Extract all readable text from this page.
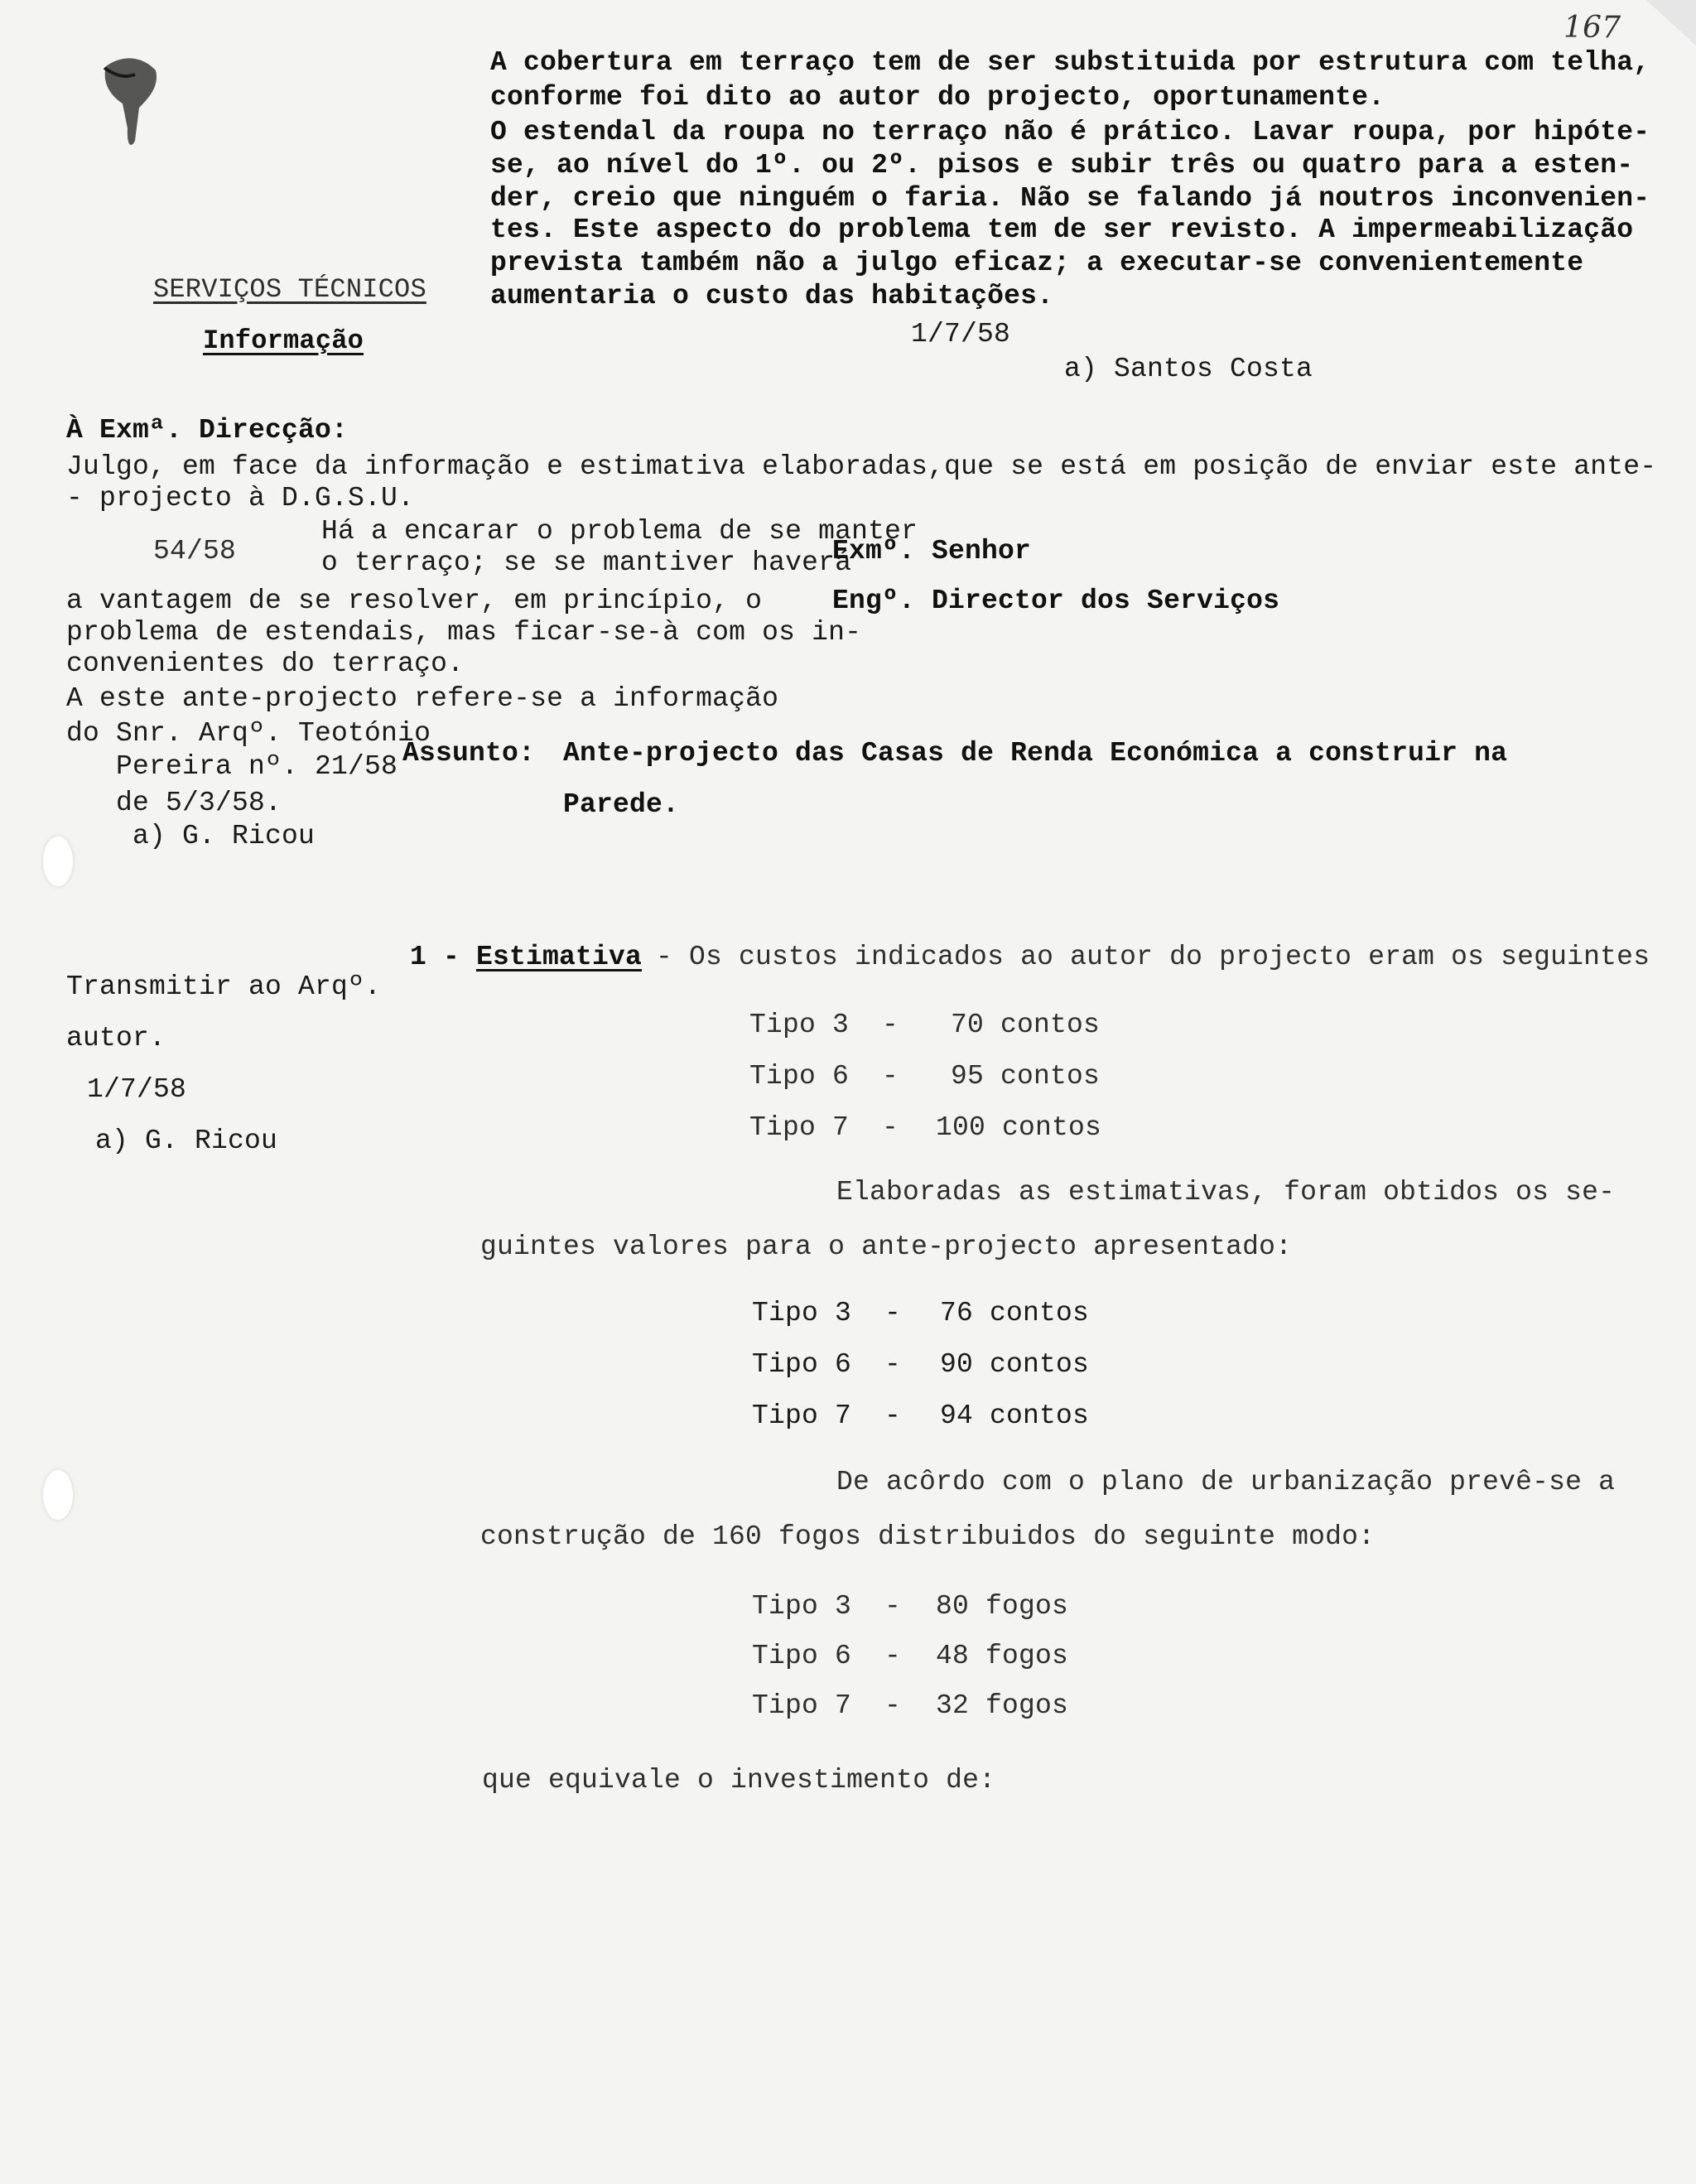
167
A cobertura em terraço tem de ser substituida por estrutura com telha,
conforme foi dito ao autor do projecto, oportunamente.
O estendal da roupa no terraço não é prático. Lavar roupa, por hipóte-
se, ao nível do 1º. ou 2º. pisos e subir três ou quatro para a esten-
der, creio que ninguém o faria. Não se falando já noutros inconvenien-
tes. Este aspecto do problema tem de ser revisto. A impermeabilização
prevista também não a julgo eficaz; a executar-se convenientemente
aumentaria o custo das habitações.
1/7/58
a) Santos Costa
SERVIÇOS TÉCNICOS
Informação
À Exmª. Direcção:
Julgo, em face da informação e estimativa elaboradas,que se está em posição de enviar este ante-
- projecto à D.G.S.U.
54/58
Há a encarar o problema de se manter
o terraço; se se mantiver haverá
a vantagem de se resolver, em princípio, o
problema de estendais, mas ficar-se-à com os in-
convenientes do terraço.
A este ante-projecto refere-se a informação
do Snr. Arqº. Teotónio
Pereira nº. 21/58
de 5/3/58.
a) G. Ricou
Exmº. Senhor
Engº. Director dos Serviços
Assunto: Ante-projecto das Casas de Renda Económica a construir na
Parede.
Transmitir ao Arqº.
autor.
1/7/58
a) G. Ricou
1 - Estimativa - Os custos indicados ao autor do projecto eram os seguintes
Tipo 3 - 70 contos
Tipo 6 - 95 contos
Tipo 7 - 100 contos
Elaboradas as estimativas, foram obtidos os se-
guintes valores para o ante-projecto apresentado:
Tipo 3 - 76 contos
Tipo 6 - 90 contos
Tipo 7 - 94 contos
De acôrdo com o plano de urbanização prevê-se a
construção de 160 fogos distribuidos do seguinte modo:
Tipo 3 - 80 fogos
Tipo 6 - 48 fogos
Tipo 7 - 32 fogos
que equivale o investimento de:
